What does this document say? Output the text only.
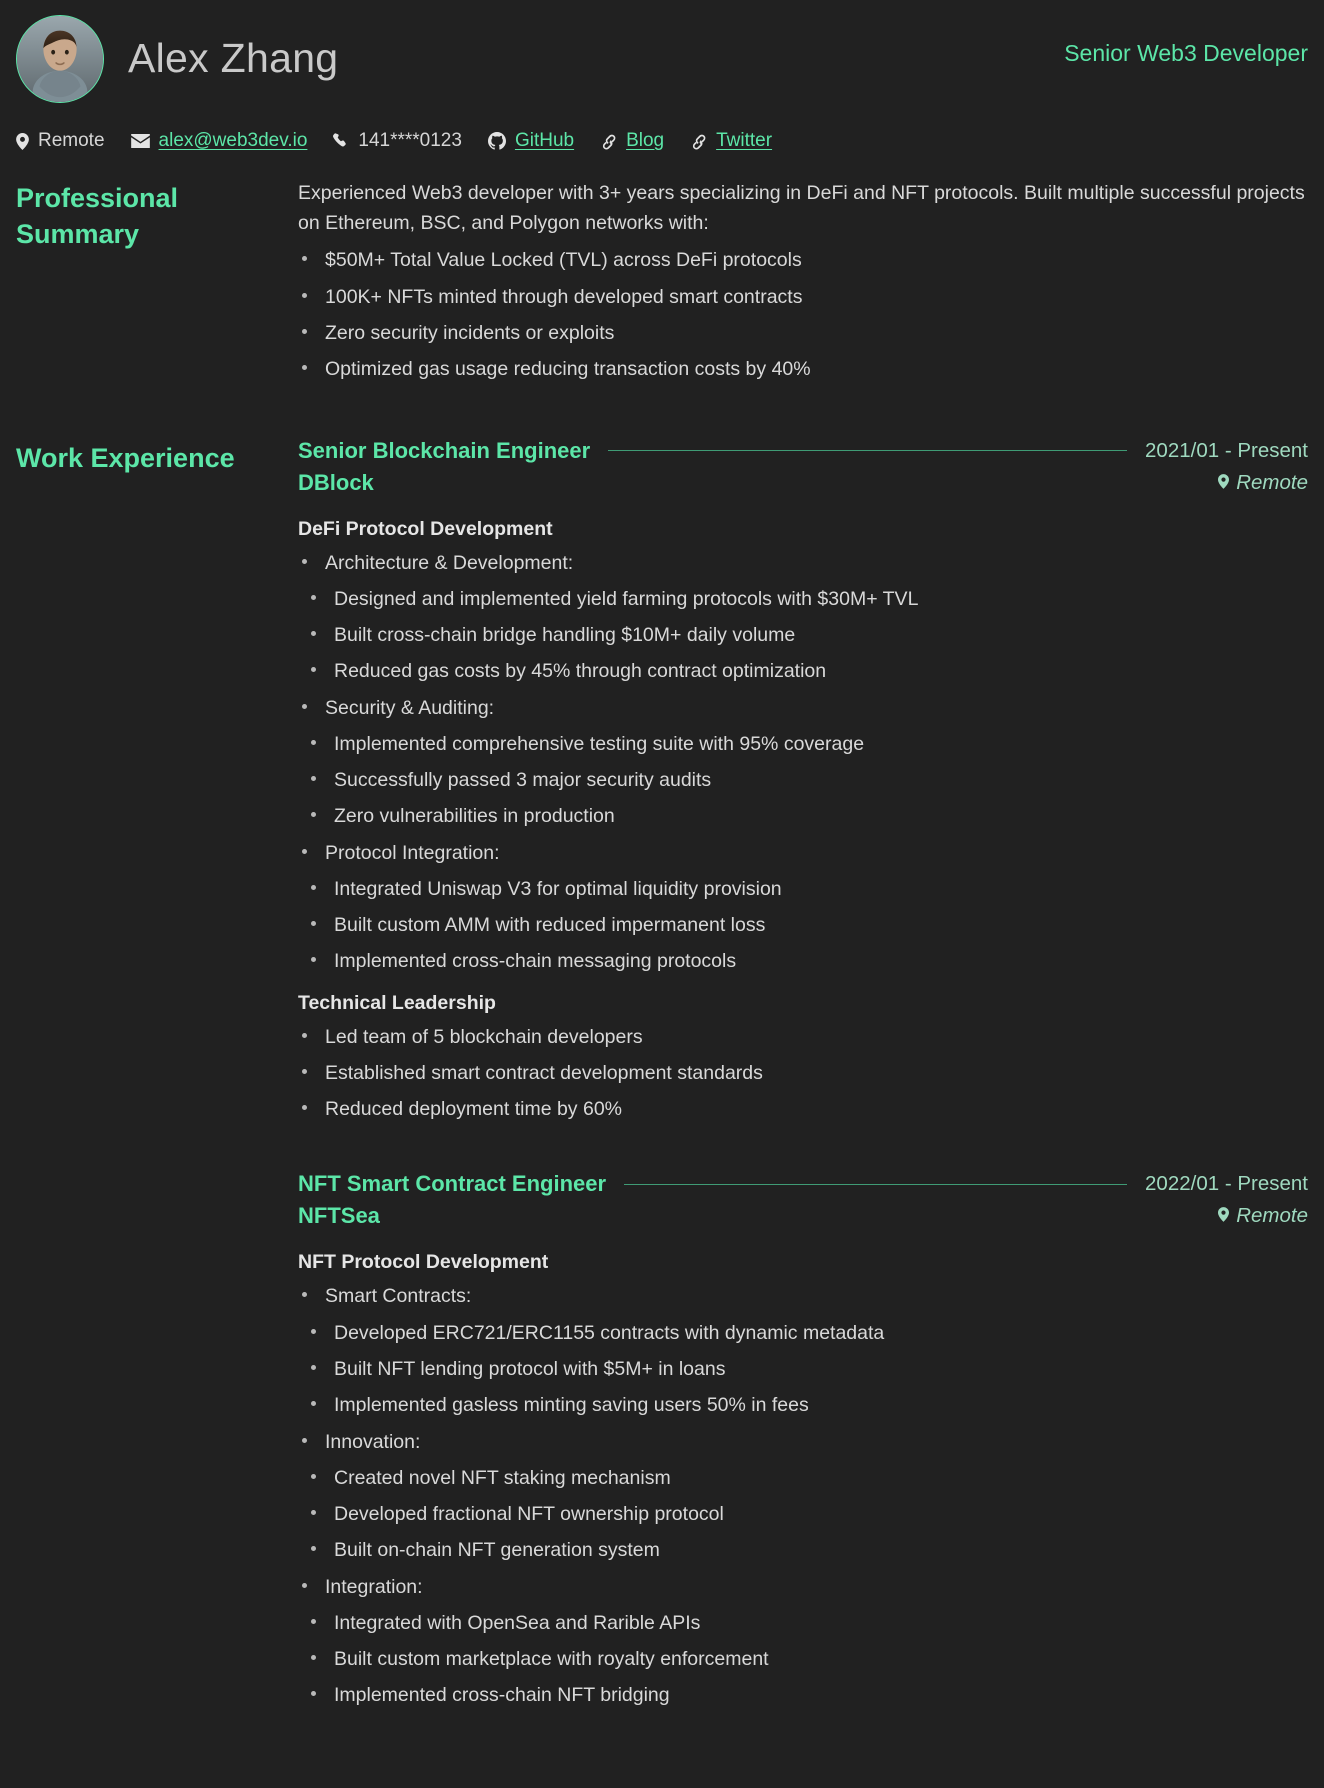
Alex Zhang	Senior Web3 Developer
Remote	alex@web3dev.io	141****0123	GitHub	Blog	Twitter
Professional Summary
Experienced Web3 developer with 3+ years specializing in DeFi and NFT protocols. Built multiple successful projects on Ethereum, BSC, and Polygon networks with:
$50M+ Total Value Locked (TVL) across DeFi protocols
100K+ NFTs minted through developed smart contracts
Zero security incidents or exploits
Optimized gas usage reducing transaction costs by 40%
Work Experience	Senior Blockchain Engineer	2021/01 - Present
DBlock	Remote
DeFi Protocol Development
Architecture & Development:
Designed and implemented yield farming protocols with $30M+ TVL
Built cross-chain bridge handling $10M+ daily volume
Reduced gas costs by 45% through contract optimization
Security & Auditing:
Implemented comprehensive testing suite with 95% coverage
Successfully passed 3 major security audits
Zero vulnerabilities in production
Protocol Integration:
Integrated Uniswap V3 for optimal liquidity provision
Built custom AMM with reduced impermanent loss
Implemented cross-chain messaging protocols
Technical Leadership
Led team of 5 blockchain developers
Established smart contract development standards
Reduced deployment time by 60%
NFT Smart Contract Engineer	2022/01 - Present
NFTSea	Remote
NFT Protocol Development
Smart Contracts:
Developed ERC721/ERC1155 contracts with dynamic metadata
Built NFT lending protocol with $5M+ in loans
Implemented gasless minting saving users 50% in fees
Innovation:
Created novel NFT staking mechanism
Developed fractional NFT ownership protocol
Built on-chain NFT generation system
Integration:
Integrated with OpenSea and Rarible APIs
Built custom marketplace with royalty enforcement
Implemented cross-chain NFT bridging
